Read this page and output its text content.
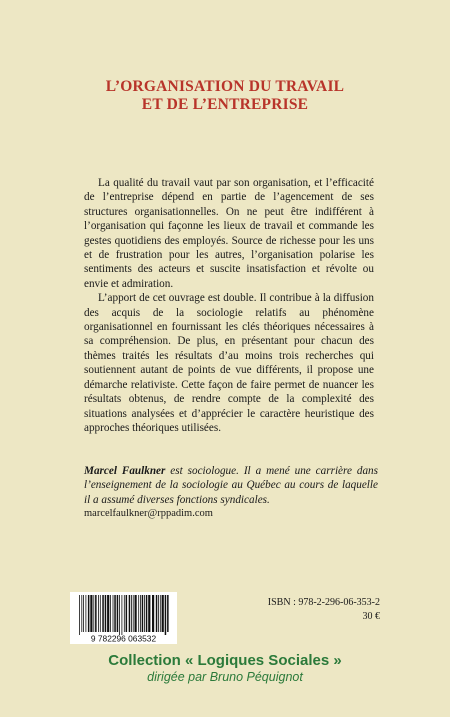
L’ORGANISATION DU TRAVAIL
ET DE L’ENTREPRISE

La qualité du travail vaut par son organisation, et l’efficacité de l’entreprise dépend en partie de l’agencement de ses structures organisationnelles. On ne peut être indifférent à l’organisation qui façonne les lieux de travail et commande les gestes quotidiens des employés. Source de richesse pour les uns et de frustration pour les autres, l’organisation polarise les sentiments des acteurs et suscite insatisfaction et révolte ou envie et admiration.

L’apport de cet ouvrage est double. Il contribue à la diffusion des acquis de la sociologie relatifs au phénomène organisationnel en fournissant les clés théoriques nécessaires à sa compréhension. De plus, en présentant pour chacun des thèmes traités les résultats d’au moins trois recherches qui soutiennent autant de points de vue différents, il propose une démarche relativiste. Cette façon de faire permet de nuancer les résultats obtenus, de rendre compte de la complexité des situations analysées et d’apprécier le caractère heuristique des approches théoriques utilisées.

Marcel Faulkner est sociologue. Il a mené une carrière dans l’enseignement de la sociologie au Québec au cours de laquelle il a assumé diverses fonctions syndicales.
marcelfaulkner@rppadim.com
9 782296 063532
ISBN : 978-2-296-06-353-2
30 €
Collection « Logiques Sociales »
dirigée par Bruno Péquignot
